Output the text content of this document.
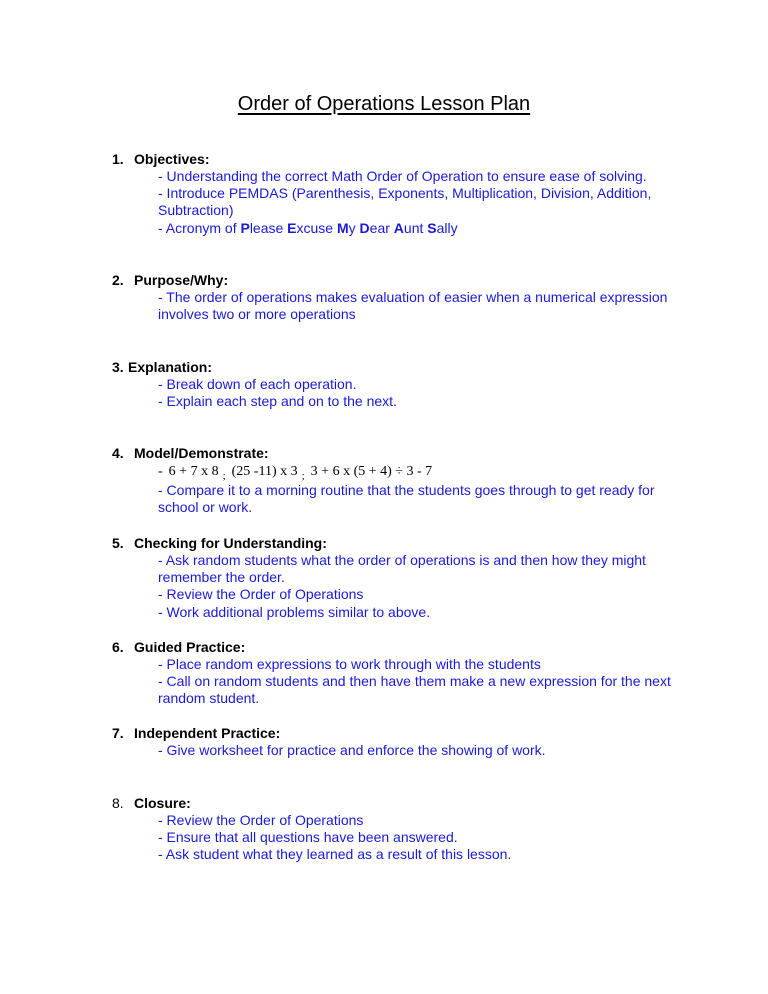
Order of Operations Lesson Plan

1. Objectives:

- Understanding the correct Math Order of Operation to ensure ease of solving.
- Introduce PEMDAS (Parenthesis, Exponents, Multiplication, Division, Addition, Subtraction)
- Acronym of Please Excuse My Dear Aunt Sally

2. Purpose/Why:

- The order of operations makes evaluation of easier when a numerical expression involves two or more operations

3. Explanation:

- Break down of each operation.
- Explain each step and on to the next.

4. Model/Demonstrate:

- 6 + 7 x 8 $_;$ (25 -11) x 3 $_;$ 3 + 6 x (5 + 4) ÷ 3 - 7
- Compare it to a morning routine that the students goes through to get ready for school or work.

5. Checking for Understanding:

- Ask random students what the order of operations is and then how they might remember the order.
- Review the Order of Operations
- Work additional problems similar to above.

6. Guided Practice:

- Place random expressions to work through with the students
- Call on random students and then have them make a new expression for the next random student.

7. Independent Practice:

- Give worksheet for practice and enforce the showing of work.

8. Closure:

- Review the Order of Operations
- Ensure that all questions have been answered.
- Ask student what they learned as a result of this lesson.
